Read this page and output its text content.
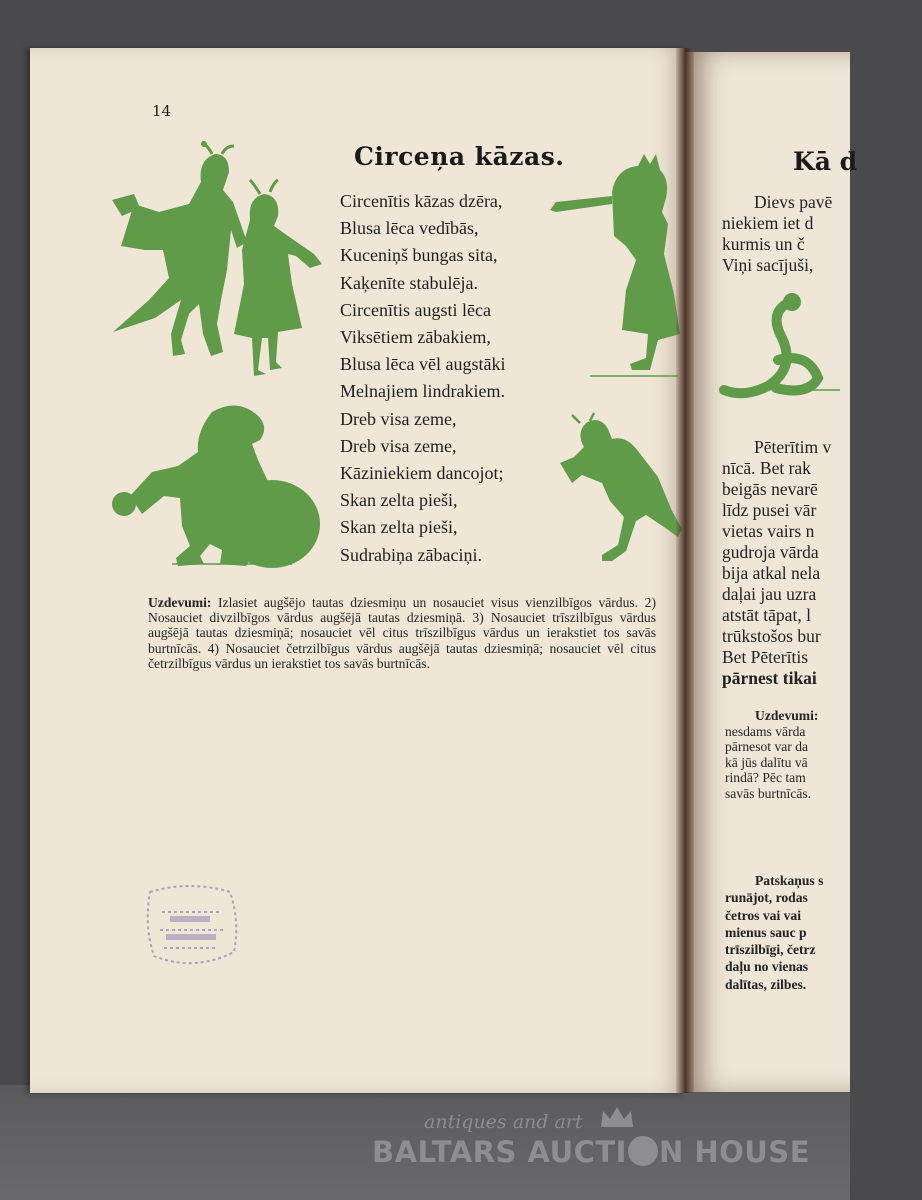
14
Circeņa kāzas.
Circenītis kāzas dzēra,
Blusa lēca vedībās,
Kuceniņš bungas sita,
Kaķenīte stabulēja.
Circenītis augsti lēca
Viksētiem zābakiem,
Blusa lēca vēl augstāki
Melnajiem lindrakiem.
Dreb visa zeme,
Dreb visa zeme,
Kāziniekiem dancojot;
Skan zelta pieši,
Skan zelta pieši,
Sudrabiņa zābaciņi.
Uzdevumi: Izlasiet augšējo tautas dziesmiņu un nosauciet visus vienzilbīgos vārdus. 2) Nosauciet divzilbīgos vārdus augšējā tautas dziesmiņā. 3) Nosauciet trīszilbīgus vārdus augšējā tautas dziesmiņā; nosauciet vēl citus trīszilbīgus vārdus un ierakstiet tos savās burtnīcās. 4) Nosauciet četrzilbīgus vārdus augšējā tautas dziesmiņā; nosauciet vēl citus četrzilbīgus vārdus un ierakstiet tos savās burtnīcās.
Kā d
Dievs pavē
niekiem iet d
kurmis un č
Viņi sacījuši,
Pēterītim v
nīcā. Bet rak
beigās nevarē
līdz pusei vār
vietas vairs n
gudroja vārda
bija atkal nela
daļai jau uzra
atstāt tāpat, l
trūkstošos bur
Bet Pēterītis
pārnest tikai
Uzdevumi:
nesdams vārda
pārnesot var da
kā jūs dalītu vā
rindā? Pēc tam
savās burtnīcās.
Patskaņus s
runājot, rodas
četros vai vai
mienus sauc p
trīszilbīgi, četrz
daļu no vienas
dalītas, zilbes.
antiques and art
BALTARS AUCTI N HOUSE
